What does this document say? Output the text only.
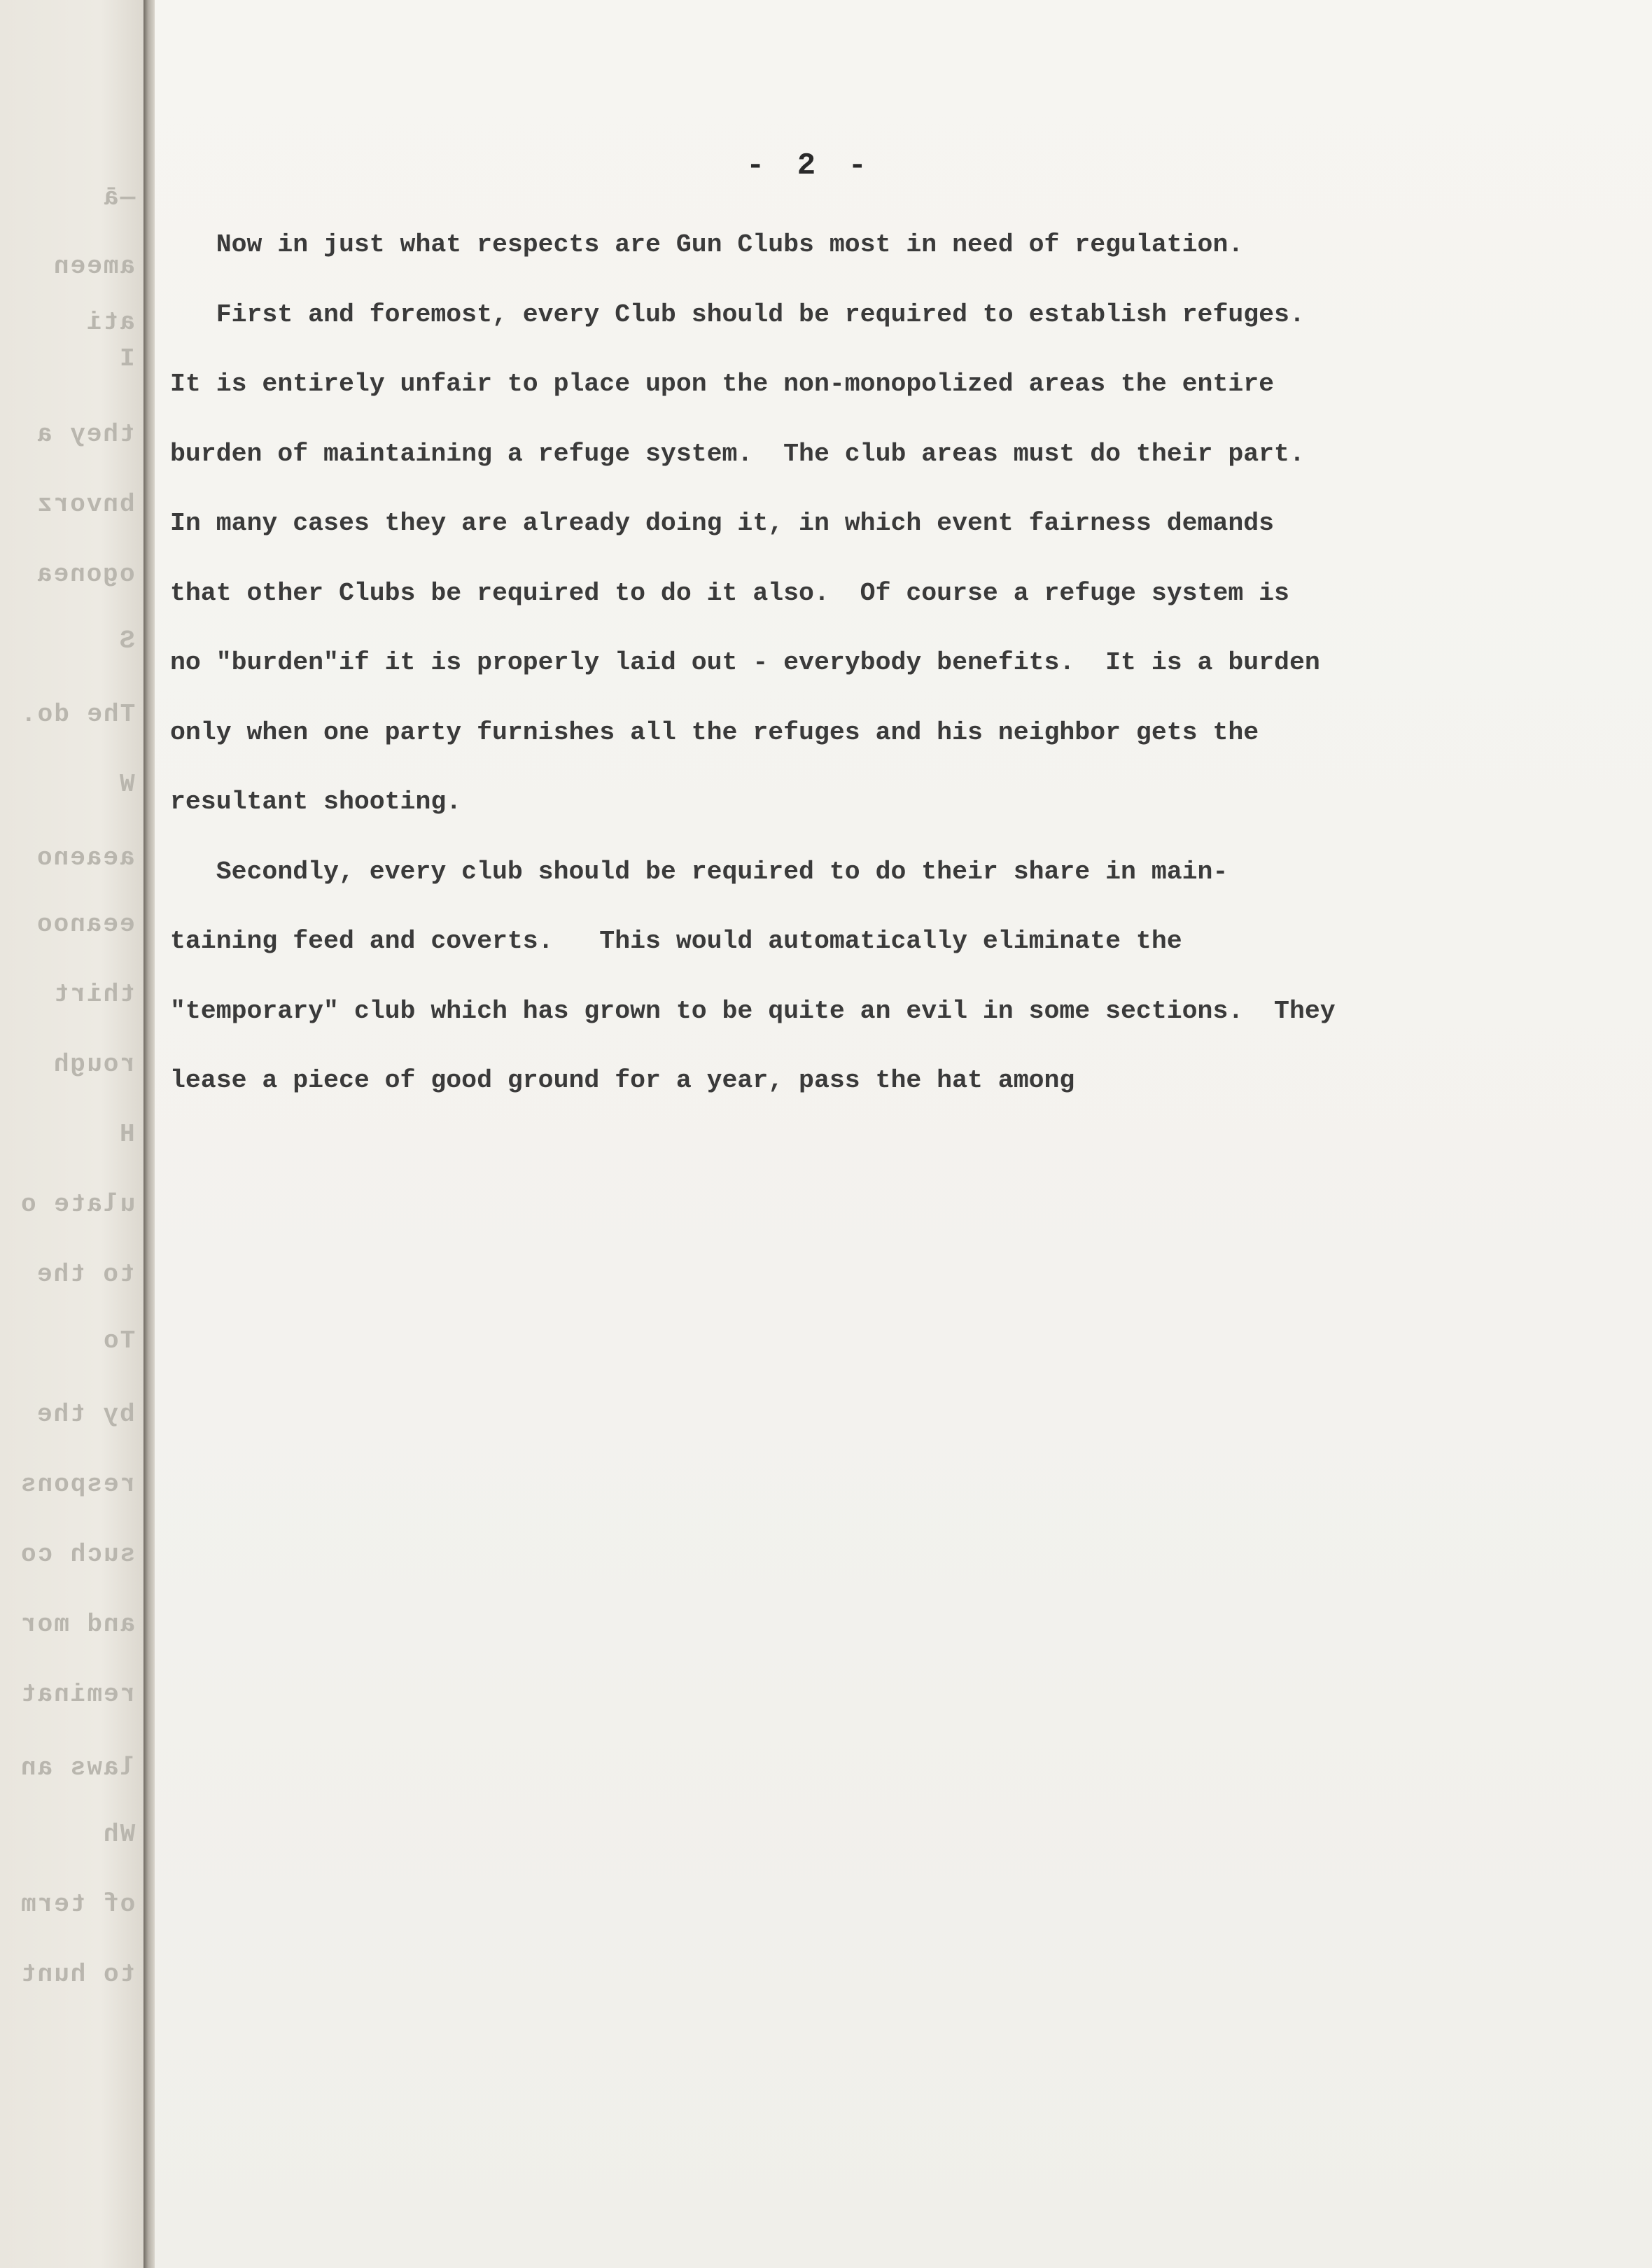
—ā
ameen
ati
I
they a
bnvorz
ogonea
S
The do.
W
aeaeno
eeanoo
thirt
rough
H
ulate o
to the
To
by the
respons
such co
and mor
reminat
laws an
Wh
of term
to hunt
- 2 -
Now in just what respects are Gun Clubs most in need of regulation.
First and foremost, every Club should be required to establish refuges.
It is entirely unfair to place upon the non-monopolized areas the entire
burden of maintaining a refuge system.  The club areas must do their part.
In many cases they are already doing it, in which event fairness demands
that other Clubs be required to do it also.  Of course a refuge system is
no "burden"if it is properly laid out - everybody benefits.  It is a burden
only when one party furnishes all the refuges and his neighbor gets the
resultant shooting.
Secondly, every club should be required to do their share in main-
taining feed and coverts.   This would automatically eliminate the
"temporary" club which has grown to be quite an evil in some sections.  They
lease a piece of good ground for a year, pass the hat among
